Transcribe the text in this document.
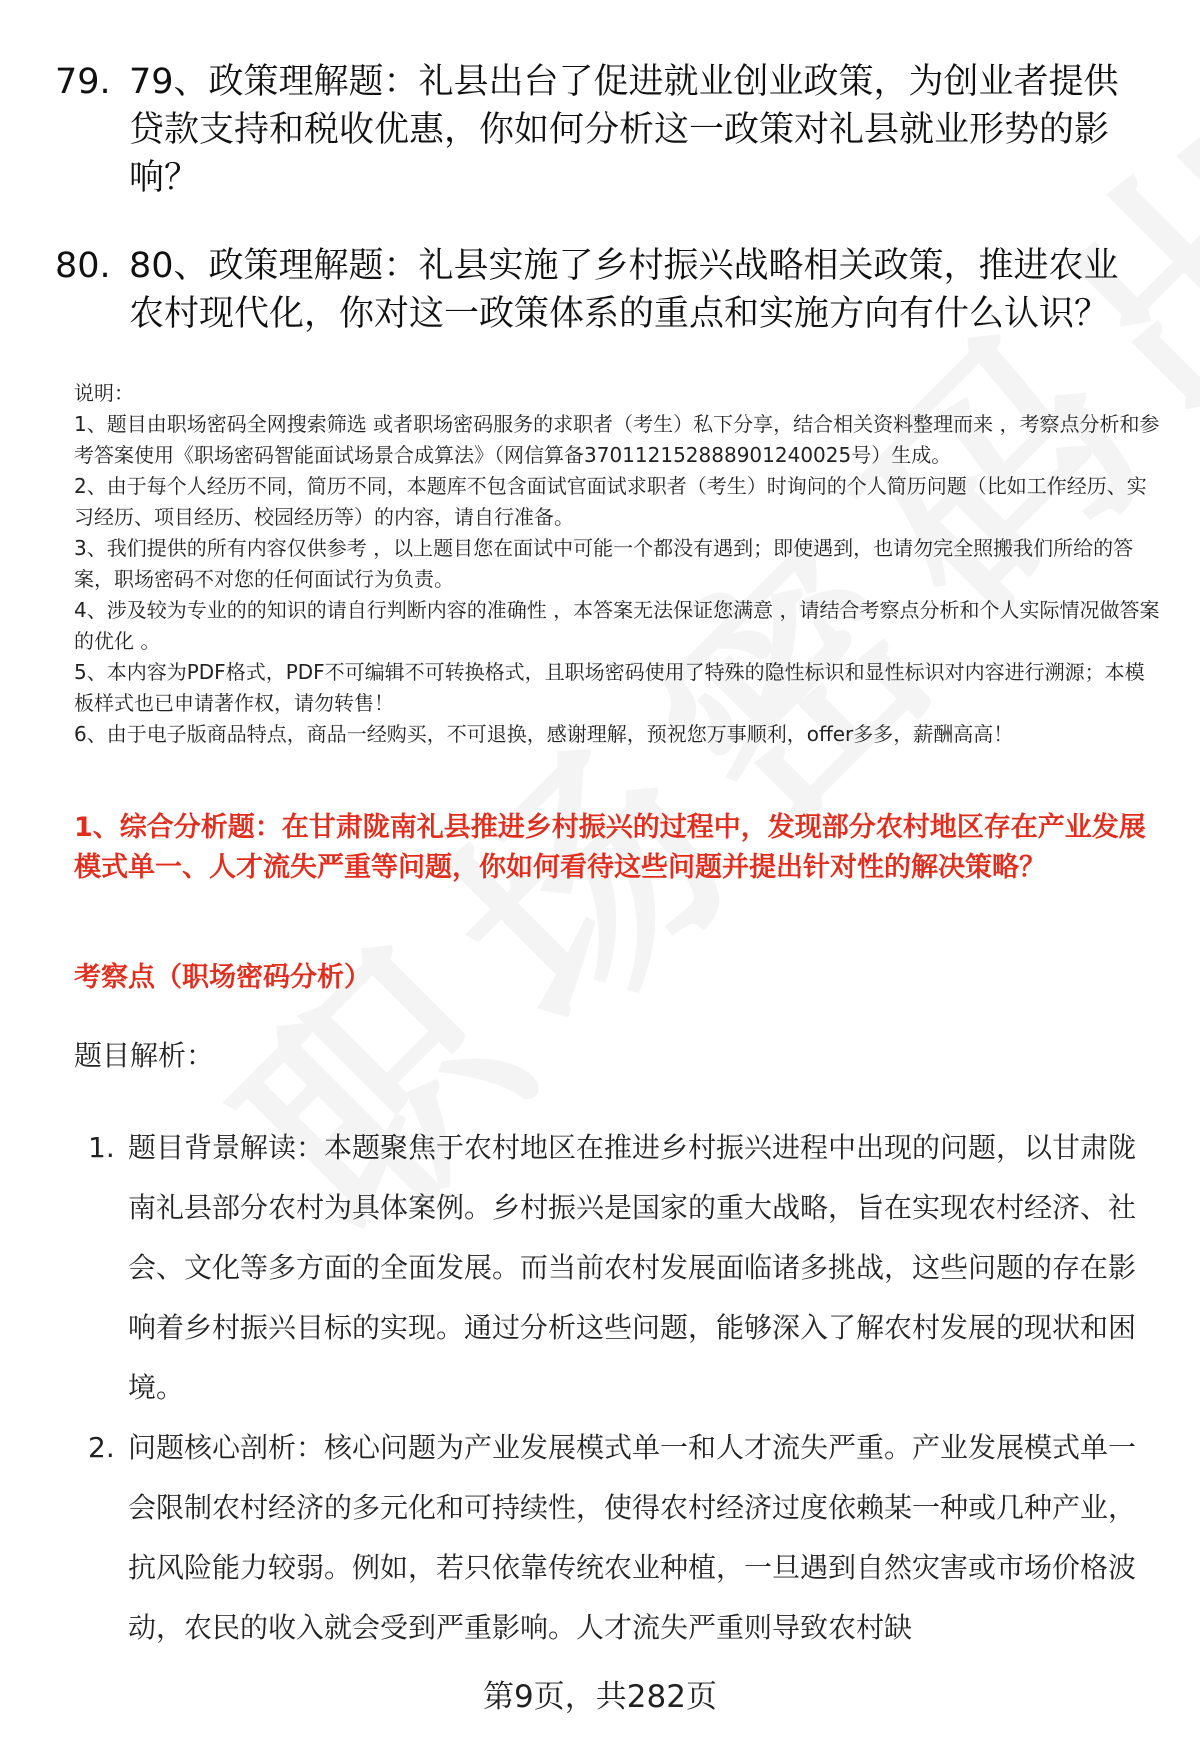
79. 79、政策理解题：礼县出台了促进就业创业政策，为创业者提供贷款支持和税收优惠，你如何分析这一政策对礼县就业形势的影响？
80. 80、政策理解题：礼县实施了乡村振兴战略相关政策，推进农业农村现代化，你对这一政策体系的重点和实施方向有什么认识？
说明：
1、题目由职场密码全网搜索筛选 或者职场密码服务的求职者（考生）私下分享，结合相关资料整理而来 ，考察点分析和参考答案使用《职场密码智能面试场景合成算法》（网信算备370112152888901240025号）生成。
2、由于每个人经历不同，简历不同，本题库不包含面试官面试求职者（考生）时询问的个人简历问题（比如工作经历、实习经历、项目经历、校园经历等）的内容，请自行准备。
3、我们提供的所有内容仅供参考 ，以上题目您在面试中可能一个都没有遇到；即使遇到，也请勿完全照搬我们所给的答案，职场密码不对您的任何面试行为负责。
4、涉及较为专业的的知识的请自行判断内容的准确性 ，本答案无法保证您满意 ，请结合考察点分析和个人实际情况做答案的优化 。
5、本内容为PDF格式，PDF不可编辑不可转换格式，且职场密码使用了特殊的隐性标识和显性标识对内容进行溯源；本模板样式也已申请著作权，请勿转售！
6、由于电子版商品特点，商品一经购买，不可退换，感谢理解，预祝您万事顺利，offer多多，薪酬高高！
1、综合分析题：在甘肃陇南礼县推进乡村振兴的过程中，发现部分农村地区存在产业发展模式单一、人才流失严重等问题，你如何看待这些问题并提出针对性的解决策略？
考察点（职场密码分析）
题目解析：
1. 题目背景解读：本题聚焦于农村地区在推进乡村振兴进程中出现的问题，以甘肃陇南礼县部分农村为具体案例。乡村振兴是国家的重大战略，旨在实现农村经济、社会、文化等多方面的全面发展。而当前农村发展面临诸多挑战，这些问题的存在影响着乡村振兴目标的实现。通过分析这些问题，能够深入了解农村发展的现状和困境。
2. 问题核心剖析：核心问题为产业发展模式单一和人才流失严重。产业发展模式单一会限制农村经济的多元化和可持续性，使得农村经济过度依赖某一种或几种产业，抗风险能力较弱。例如，若只依靠传统农业种植，一旦遇到自然灾害或市场价格波动，农民的收入就会受到严重影响。人才流失严重则导致农村缺
第9页，共282页
